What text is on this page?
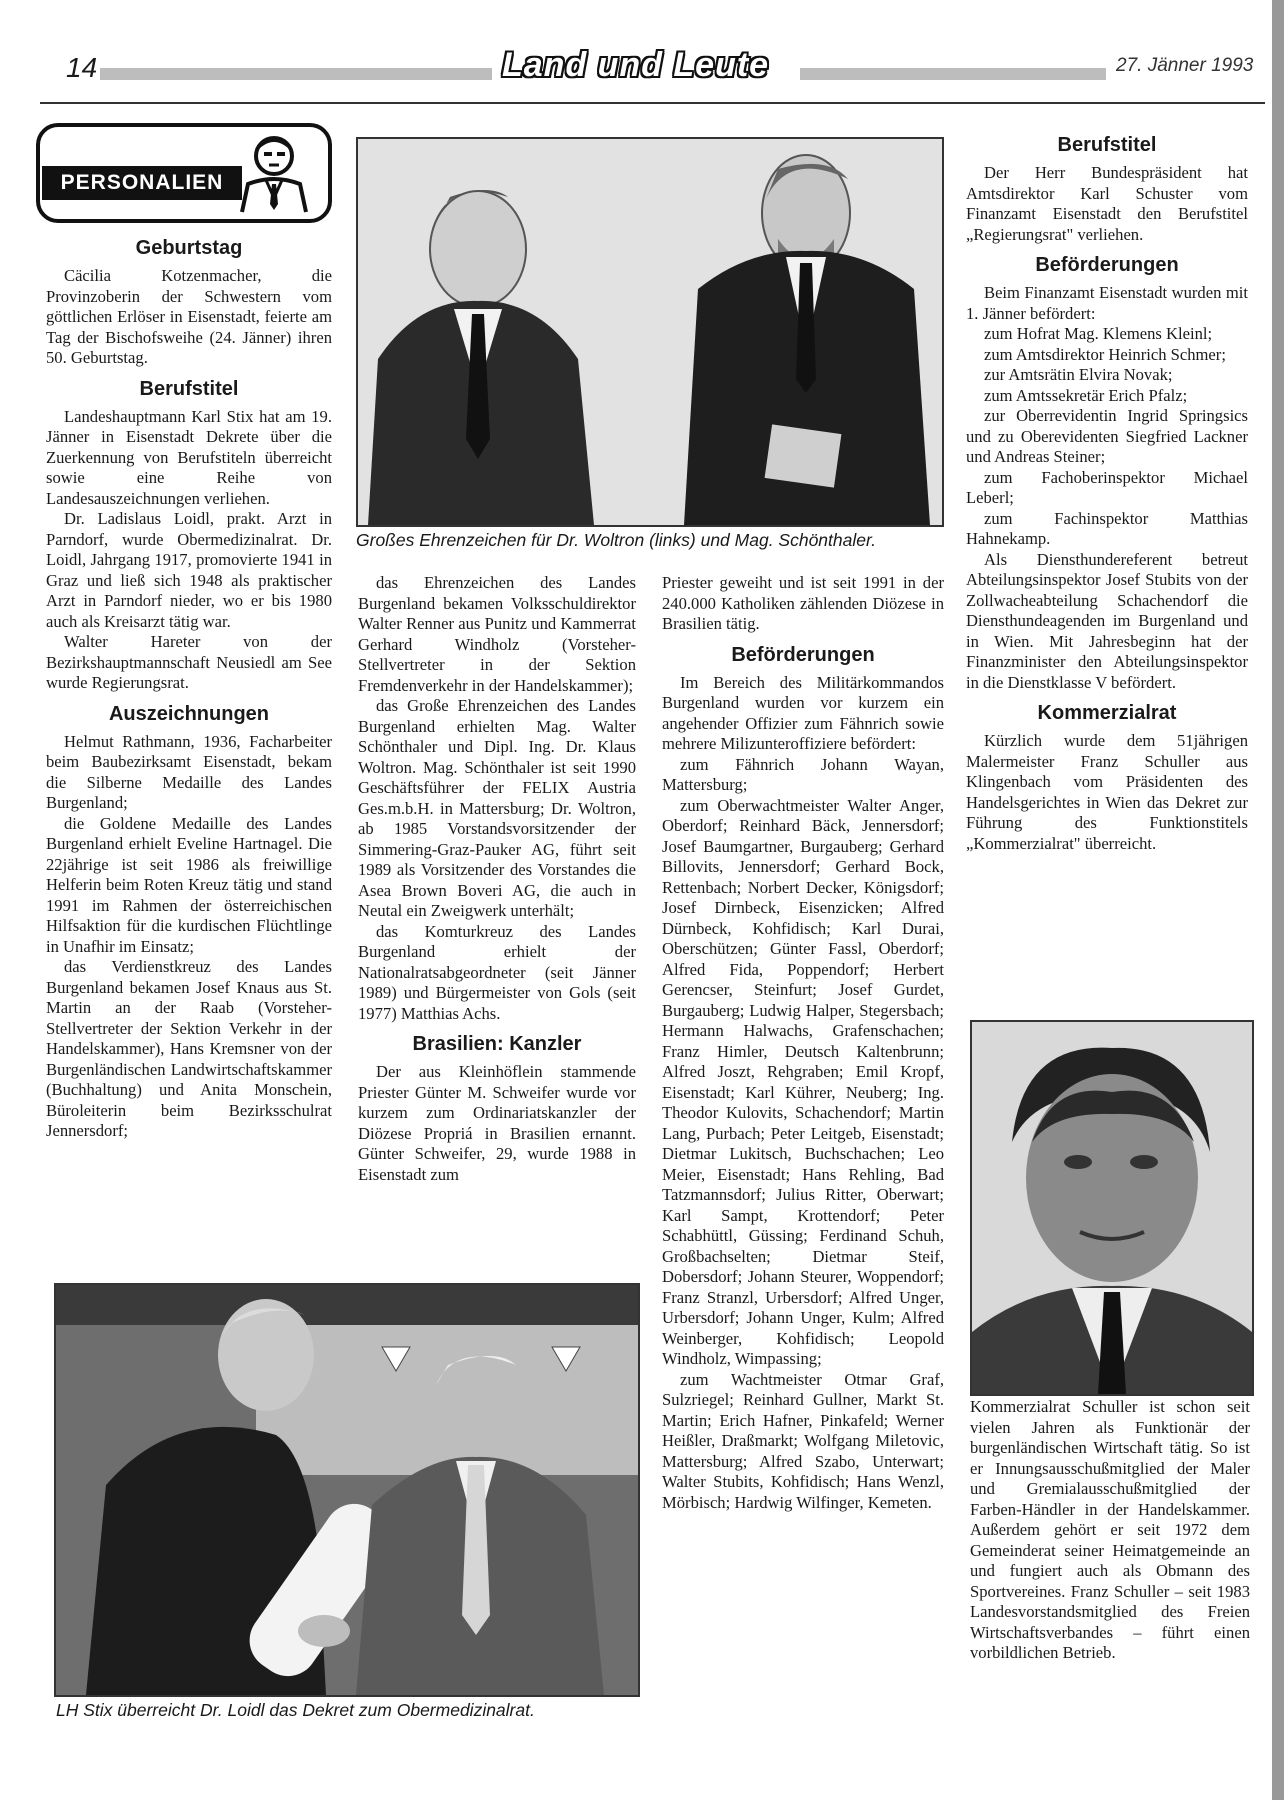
14	Land und Leute	27. Jänner 1993
PERSONALIEN
Geburtstag

Cäcilia Kotzenmacher, die Provinzoberin der Schwestern vom göttlichen Erlöser in Eisenstadt, feierte am Tag der Bischofsweihe (24. Jänner) ihren 50. Geburtstag.

Berufstitel

Landeshauptmann Karl Stix hat am 19. Jänner in Eisenstadt Dekrete über die Zuerkennung von Berufstiteln überreicht sowie eine Reihe von Landesauszeichnungen verliehen.

Dr. Ladislaus Loidl, prakt. Arzt in Parndorf, wurde Obermedizinalrat. Dr. Loidl, Jahrgang 1917, promovierte 1941 in Graz und ließ sich 1948 als praktischer Arzt in Parndorf nieder, wo er bis 1980 auch als Kreisarzt tätig war.

Walter Hareter von der Bezirkshauptmannschaft Neusiedl am See wurde Regierungsrat.

Auszeichnungen

Helmut Rathmann, 1936, Facharbeiter beim Baubezirksamt Eisenstadt, bekam die Silberne Medaille des Landes Burgenland;

die Goldene Medaille des Landes Burgenland erhielt Eveline Hartnagel. Die 22jährige ist seit 1986 als freiwillige Helferin beim Roten Kreuz tätig und stand 1991 im Rahmen der österreichischen Hilfsaktion für die kurdischen Flüchtlinge in Unafhir im Einsatz;

das Verdienstkreuz des Landes Burgenland bekamen Josef Knaus aus St. Martin an der Raab (Vorsteher-Stellvertreter der Sektion Verkehr in der Handelskammer), Hans Kremsner von der Burgenländischen Landwirtschaftskammer (Buchhaltung) und Anita Monschein, Büroleiterin beim Bezirksschulrat Jennersdorf;

Großes Ehrenzeichen für Dr. Woltron (links) und Mag. Schönthaler.

das Ehrenzeichen des Landes Burgenland bekamen Volksschuldirektor Walter Renner aus Punitz und Kammerrat Gerhard Windholz (Vorsteher-Stellvertreter in der Sektion Fremdenverkehr in der Handelskammer);

das Große Ehrenzeichen des Landes Burgenland erhielten Mag. Walter Schönthaler und Dipl. Ing. Dr. Klaus Woltron. Mag. Schönthaler ist seit 1990 Geschäftsführer der FELIX Austria Ges.m.b.H. in Mattersburg; Dr. Woltron, ab 1985 Vorstandsvorsitzender der Simmering-Graz-Pauker AG, führt seit 1989 als Vorsitzender des Vorstandes die Asea Brown Boveri AG, die auch in Neutal ein Zweigwerk unterhält;

das Komturkreuz des Landes Burgenland erhielt der Nationalratsabgeordneter (seit Jänner 1989) und Bürgermeister von Gols (seit 1977) Matthias Achs.

Brasilien: Kanzler

Der aus Kleinhöflein stammende Priester Günter M. Schweifer wurde vor kurzem zum Ordinariatskanzler der Diözese Propriá in Brasilien ernannt. Günter Schweifer, 29, wurde 1988 in Eisenstadt zum

Priester geweiht und ist seit 1991 in der 240.000 Katholiken zählenden Diözese in Brasilien tätig.

Beförderungen

Im Bereich des Militärkommandos Burgenland wurden vor kurzem ein angehender Offizier zum Fähnrich sowie mehrere Milizunteroffiziere befördert:

zum Fähnrich Johann Wayan, Mattersburg;

zum Oberwachtmeister Walter Anger, Oberdorf; Reinhard Bäck, Jennersdorf; Josef Baumgartner, Burgauberg; Gerhard Billovits, Jennersdorf; Gerhard Bock, Rettenbach; Norbert Decker, Königsdorf; Josef Dirnbeck, Eisenzicken; Alfred Dürnbeck, Kohfidisch; Karl Durai, Oberschützen; Günter Fassl, Oberdorf; Alfred Fida, Poppendorf; Herbert Gerencser, Steinfurt; Josef Gurdet, Burgauberg; Ludwig Halper, Stegersbach; Hermann Halwachs, Grafenschachen; Franz Himler, Deutsch Kaltenbrunn; Alfred Joszt, Rehgraben; Emil Kropf, Eisenstadt; Karl Kührer, Neuberg; Ing. Theodor Kulovits, Schachendorf; Martin Lang, Purbach; Peter Leitgeb, Eisenstadt; Dietmar Lukitsch, Buchschachen; Leo Meier, Eisenstadt; Hans Rehling, Bad Tatzmannsdorf; Julius Ritter, Oberwart; Karl Sampt, Krottendorf; Peter Schabhüttl, Güssing; Ferdinand Schuh, Großbachselten; Dietmar Steif, Dobersdorf; Johann Steurer, Woppendorf; Franz Stranzl, Urbersdorf; Alfred Unger, Urbersdorf; Johann Unger, Kulm; Alfred Weinberger, Kohfidisch; Leopold Windholz, Wimpassing;

zum Wachtmeister Otmar Graf, Sulzriegel; Reinhard Gullner, Markt St. Martin; Erich Hafner, Pinkafeld; Werner Heißler, Draßmarkt; Wolfgang Miletovic, Mattersburg; Alfred Szabo, Unterwart; Walter Stubits, Kohfidisch; Hans Wenzl, Mörbisch; Hardwig Wilfinger, Kemeten.

Berufstitel

Der Herr Bundespräsident hat Amtsdirektor Karl Schuster vom Finanzamt Eisenstadt den Berufstitel „Regierungsrat" verliehen.

Beförderungen

Beim Finanzamt Eisenstadt wurden mit 1. Jänner befördert:

zum Hofrat Mag. Klemens Kleinl;

zum Amtsdirektor Heinrich Schmer;

zur Amtsrätin Elvira Novak;

zum Amtssekretär Erich Pfalz;

zur Oberrevidentin Ingrid Springsics und zu Oberevidenten Siegfried Lackner und Andreas Steiner;

zum Fachoberinspektor Michael Leberl;

zum Fachinspektor Matthias Hahnekamp.

Als Diensthundereferent betreut Abteilungsinspektor Josef Stubits von der Zollwacheabteilung Schachendorf die Diensthundeagenden im Burgenland und in Wien. Mit Jahresbeginn hat der Finanzminister den Abteilungsinspektor in die Dienstklasse V befördert.

Kommerzialrat

Kürzlich wurde dem 51jährigen Malermeister Franz Schuller aus Klingenbach vom Präsidenten des Handelsgerichtes in Wien das Dekret zur Führung des Funktionstitels „Kommerzialrat" überreicht.

Kommerzialrat Schuller ist schon seit vielen Jahren als Funktionär der burgenländischen Wirtschaft tätig. So ist er Innungsausschußmitglied der Maler und Gremialausschußmitglied der Farben-Händler in der Handelskammer. Außerdem gehört er seit 1972 dem Gemeinderat seiner Heimatgemeinde an und fungiert auch als Obmann des Sportvereines. Franz Schuller – seit 1983 Landesvorstandsmitglied des Freien Wirtschaftsverbandes – führt einen vorbildlichen Betrieb.

LH Stix überreicht Dr. Loidl das Dekret zum Obermedizinalrat.
